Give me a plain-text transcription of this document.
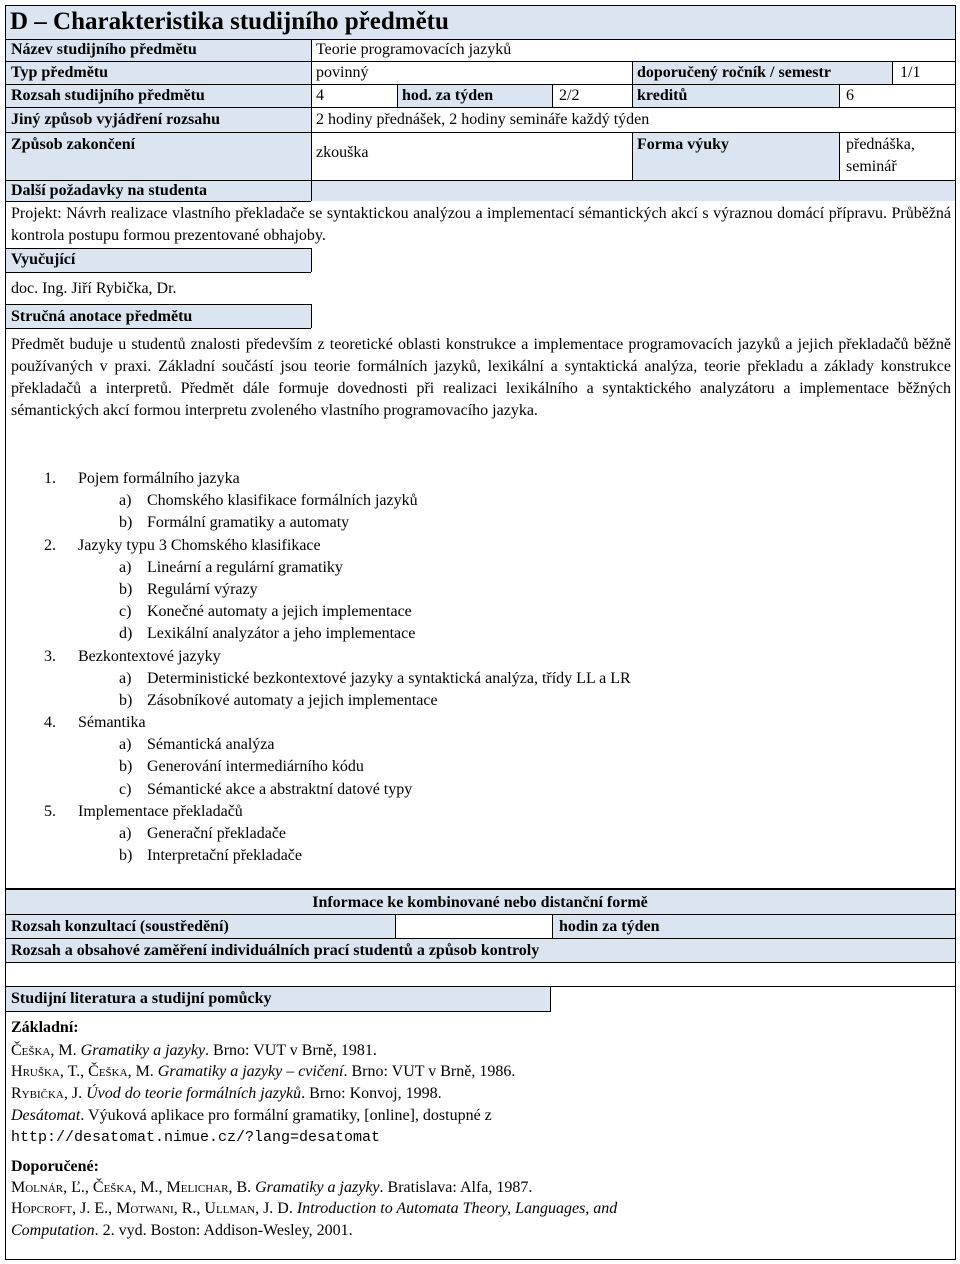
D – Charakteristika studijního předmětu
Název studijního předmětu	Teorie programovacích jazyků
Typ předmětu	povinný	doporučený ročník / semestr	1/1
Rozsah studijního předmětu	4	hod. za týden	2/2	kreditů	6
Jiný způsob vyjádření rozsahu	2 hodiny přednášek, 2 hodiny semináře každý týden
Způsob zakončení	zkouška	Forma výuky	přednáška,
seminář
Další požadavky na studenta

Projekt: Návrh realizace vlastního překladače se syntaktickou analýzou a implementací sémantických akcí s výraznou domácí přípravu. Průběžná kontrola postupu formou prezentované obhajoby.

Vyučující
doc. Ing. Jiří Rybička, Dr.
Stručná anotace předmětu

Předmět buduje u studentů znalosti především z teoretické oblasti konstrukce a implementace programovacích jazyků a jejich překladačů běžně používaných v praxi. Základní součástí jsou teorie formálních jazyků, lexikální a syntaktická analýza, teorie překladu a základy konstrukce překladačů a interpretů. Předmět dále formuje dovednosti při realizaci lexikálního a syntaktického analyzátoru a implementace běžných sémantických akcí formou interpretu zvoleného vlastního programovacího jazyka.

1. Pojem formálního jazyka
a) Chomského klasifikace formálních jazyků
b) Formální gramatiky a automaty
2. Jazyky typu 3 Chomského klasifikace
a) Lineární a regulární gramatiky
b) Regulární výrazy
c) Konečné automaty a jejich implementace
d) Lexikální analyzátor a jeho implementace
3. Bezkontextové jazyky
a) Deterministické bezkontextové jazyky a syntaktická analýza, třídy LL a LR
b) Zásobníkové automaty a jejich implementace
4. Sémantika
a) Sémantická analýza
b) Generování intermediárního kódu
c) Sémantické akce a abstraktní datové typy
5. Implementace překladačů
a) Generační překladače
b) Interpretační překladače
Informace ke kombinované nebo distanční formě
Rozsah konzultací (soustředění)	hodin za týden
Rozsah a obsahové zaměření individuálních prací studentů a způsob kontroly
Studijní literatura a studijní pomůcky
Základní:
Češka, M. Gramatiky a jazyky. Brno: VUT v Brně, 1981.
Hruška, T., Češka, M. Gramatiky a jazyky – cvičení. Brno: VUT v Brně, 1986.
Rybička, J. Úvod do teorie formálních jazyků. Brno: Konvoj, 1998.
Desátomat. Výuková aplikace pro formální gramatiky, [online], dostupné z
http://desatomat.nimue.cz/?lang=desatomat
Doporučené:
Molnár, Ľ., Češka, M., Melichar, B. Gramatiky a jazyky. Bratislava: Alfa, 1987.
Hopcroft, J. E., Motwani, R., Ullman, J. D. Introduction to Automata Theory, Languages, and
Computation. 2. vyd. Boston: Addison-Wesley, 2001.
